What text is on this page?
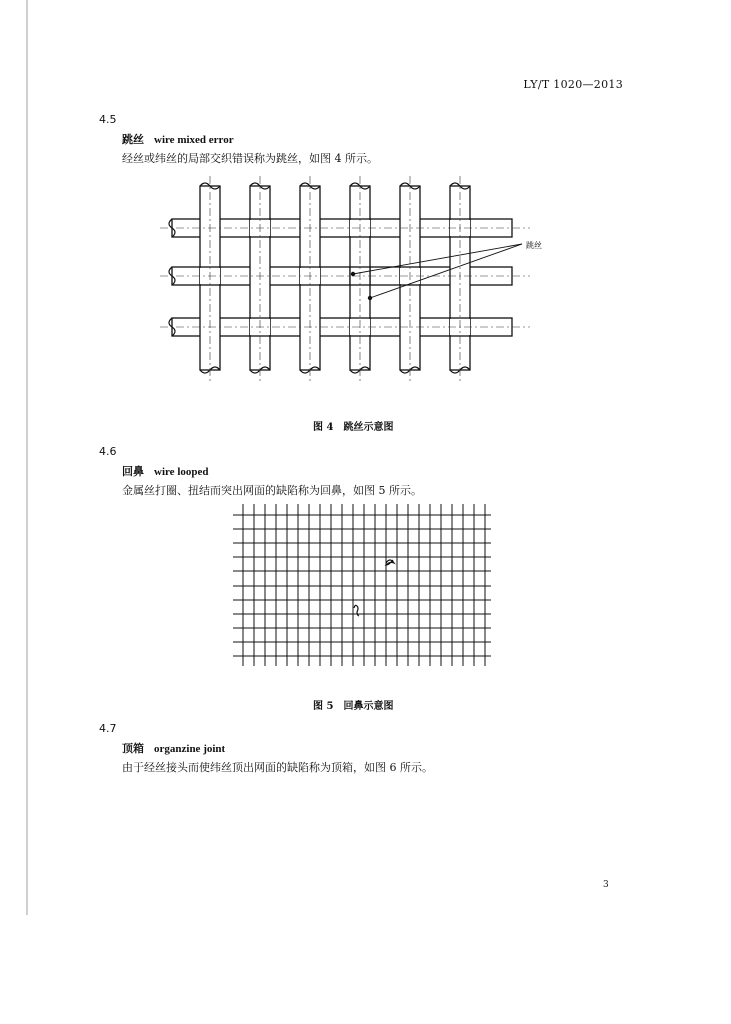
LY/T 1020—2013
4.5
跳丝 wire mixed error
经丝或纬丝的局部交织错误称为跳丝，如图 4 所示。
跳丝
图 4　跳丝示意图
4.6
回鼻 wire looped
金属丝打圈、扭结而突出网面的缺陷称为回鼻，如图 5 所示。
图 5　回鼻示意图
4.7
顶箱 organzine joint
由于经丝接头而使纬丝顶出网面的缺陷称为顶箱，如图 6 所示。
3
